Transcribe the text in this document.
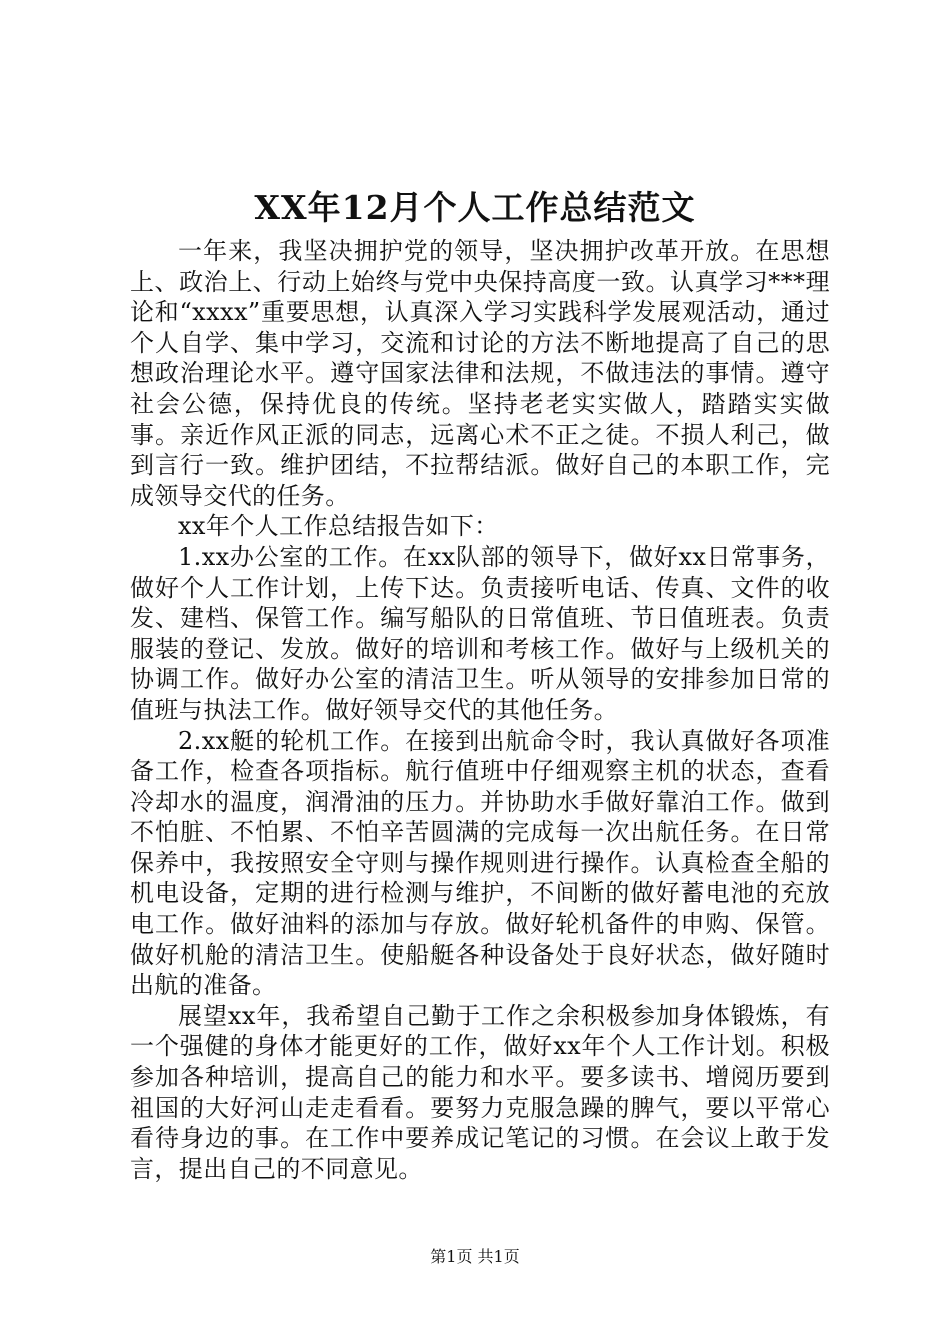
XX年12月个人工作总结范文

一年来，我坚决拥护党的领导，坚决拥护改革开放。在思想上、政治上、行动上始终与党中央保持高度一致。认真学习***理论和“xxxx”重要思想，认真深入学习实践科学发展观活动，通过个人自学、集中学习，交流和讨论的方法不断地提高了自己的思想政治理论水平。遵守国家法律和法规，不做违法的事情。遵守社会公德，保持优良的传统。坚持老老实实做人，踏踏实实做事。亲近作风正派的同志，远离心术不正之徒。不损人利己，做到言行一致。维护团结，不拉帮结派。做好自己的本职工作，完成领导交代的任务。

xx年个人工作总结报告如下：

1.xx办公室的工作。在xx队部的领导下，做好xx日常事务，做好个人工作计划，上传下达。负责接听电话、传真、文件的收发、建档、保管工作。编写船队的日常值班、节日值班表。负责服装的登记、发放。做好的培训和考核工作。做好与上级机关的协调工作。做好办公室的清洁卫生。听从领导的安排参加日常的值班与执法工作。做好领导交代的其他任务。

2.xx艇的轮机工作。在接到出航命令时，我认真做好各项准备工作，检查各项指标。航行值班中仔细观察主机的状态，查看冷却水的温度，润滑油的压力。并协助水手做好靠泊工作。做到不怕脏、不怕累、不怕辛苦圆满的完成每一次出航任务。在日常保养中，我按照安全守则与操作规则进行操作。认真检查全船的机电设备，定期的进行检测与维护，不间断的做好蓄电池的充放电工作。做好油料的添加与存放。做好轮机备件的申购、保管。做好机舱的清洁卫生。使船艇各种设备处于良好状态，做好随时出航的准备。

展望xx年，我希望自己勤于工作之余积极参加身体锻炼，有一个强健的身体才能更好的工作，做好xx年个人工作计划。积极参加各种培训，提高自己的能力和水平。要多读书、增阅历要到祖国的大好河山走走看看。要努力克服急躁的脾气，要以平常心看待身边的事。在工作中要养成记笔记的习惯。在会议上敢于发言，提出自己的不同意见。

第1页 共1页
